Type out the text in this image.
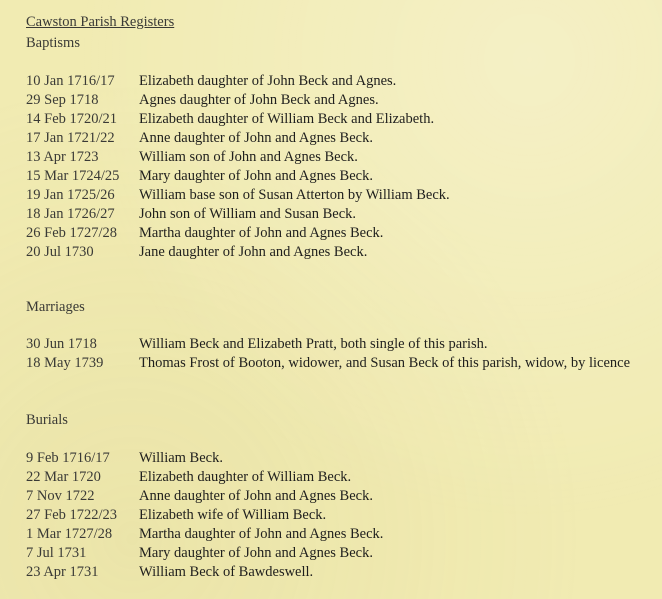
Cawston Parish Registers
Baptisms
10 Jan 1716/17	Elizabeth daughter of John Beck and Agnes.
29 Sep 1718	Agnes daughter of John Beck and Agnes.
14 Feb 1720/21	Elizabeth daughter of William Beck and Elizabeth.
17 Jan 1721/22	Anne daughter of John and Agnes Beck.
13 Apr 1723	William son of John and Agnes Beck.
15 Mar 1724/25	Mary daughter of John and Agnes Beck.
19 Jan 1725/26	William base son of Susan Atterton by William Beck.
18 Jan 1726/27	John son of William and Susan Beck.
26 Feb 1727/28	Martha daughter of John and Agnes Beck.
20 Jul 1730	Jane daughter of John and Agnes Beck.
Marriages
30 Jun 1718	William Beck and Elizabeth Pratt, both single of this parish.
18 May 1739	Thomas Frost of Booton, widower, and Susan Beck of this parish, widow, by licence
Burials
9 Feb 1716/17	William Beck.
22 Mar 1720	Elizabeth daughter of William Beck.
7 Nov 1722	Anne daughter of John and Agnes Beck.
27 Feb 1722/23	Elizabeth wife of William Beck.
1 Mar 1727/28	Martha daughter of John and Agnes Beck.
7 Jul 1731	Mary daughter of John and Agnes Beck.
23 Apr 1731	William Beck of Bawdeswell.
